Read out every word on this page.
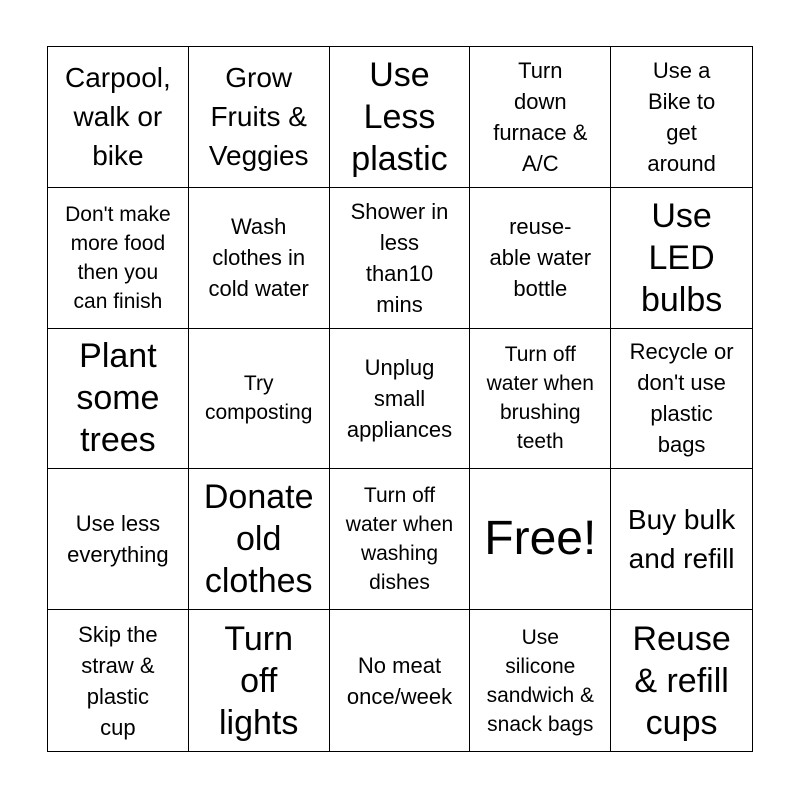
Carpool,
walk or
bike
Grow
Fruits &
Veggies
Use
Less
plastic
Turn
down
furnace &
A/C
Use a
Bike to
get
around
Don't make
more food
then you
can finish
Wash
clothes in
cold water
Shower in
less
than10
mins
reuse-
able water
bottle
Use
LED
bulbs
Plant
some
trees
Try
composting
Unplug
small
appliances
Turn off
water when
brushing
teeth
Recycle or
don't use
plastic
bags
Use less
everything
Donate
old
clothes
Turn off
water when
washing
dishes
Free! Buy bulk
and refill
Skip the
straw &
plastic
cup
Turn
off
lights
No meat
once/week
Use
silicone
sandwich &
snack bags
Reuse
& refill
cups
